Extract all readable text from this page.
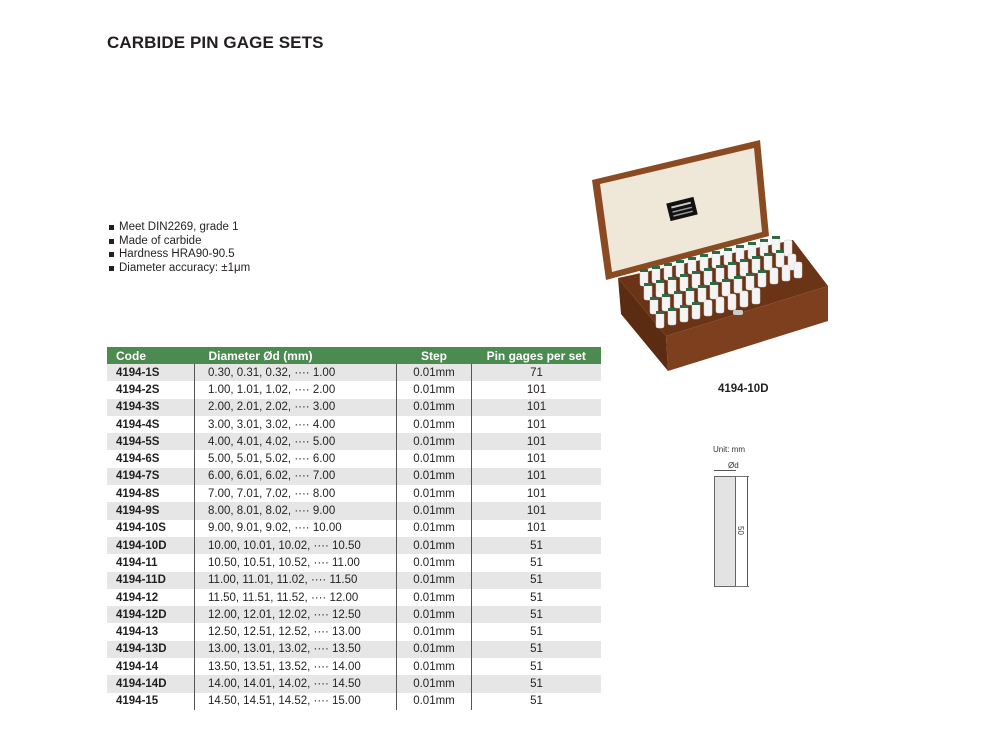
CARBIDE PIN GAGE SETS
Meet DIN2269, grade 1
Made of carbide
Hardness HRA90-90.5
Diameter accuracy: ±1μm
Code	Diameter Ød (mm)	Step	Pin gages per set
4194-1S	0.30, 0.31, 0.32, ···· 1.00	0.01mm	71
4194-2S	1.00, 1.01, 1.02, ···· 2.00	0.01mm	101
4194-3S	2.00, 2.01, 2.02, ···· 3.00	0.01mm	101
4194-4S	3.00, 3.01, 3.02, ···· 4.00	0.01mm	101
4194-5S	4.00, 4.01, 4.02, ···· 5.00	0.01mm	101
4194-6S	5.00, 5.01, 5.02, ···· 6.00	0.01mm	101
4194-7S	6.00, 6.01, 6.02, ···· 7.00	0.01mm	101
4194-8S	7.00, 7.01, 7.02, ···· 8.00	0.01mm	101
4194-9S	8.00, 8.01, 8.02, ···· 9.00	0.01mm	101
4194-10S	9.00, 9.01, 9.02, ···· 10.00	0.01mm	101
4194-10D	10.00, 10.01, 10.02, ···· 10.50	0.01mm	51
4194-11	10.50, 10.51, 10.52, ···· 11.00	0.01mm	51
4194-11D	11.00, 11.01, 11.02, ···· 11.50	0.01mm	51
4194-12	11.50, 11.51, 11.52, ···· 12.00	0.01mm	51
4194-12D	12.00, 12.01, 12.02, ···· 12.50	0.01mm	51
4194-13	12.50, 12.51, 12.52, ···· 13.00	0.01mm	51
4194-13D	13.00, 13.01, 13.02, ···· 13.50	0.01mm	51
4194-14	13.50, 13.51, 13.52, ···· 14.00	0.01mm	51
4194-14D	14.00, 14.01, 14.02, ···· 14.50	0.01mm	51
4194-15	14.50, 14.51, 14.52, ···· 15.00	0.01mm	51
4194-10D
Unit: mm
Ød
50
